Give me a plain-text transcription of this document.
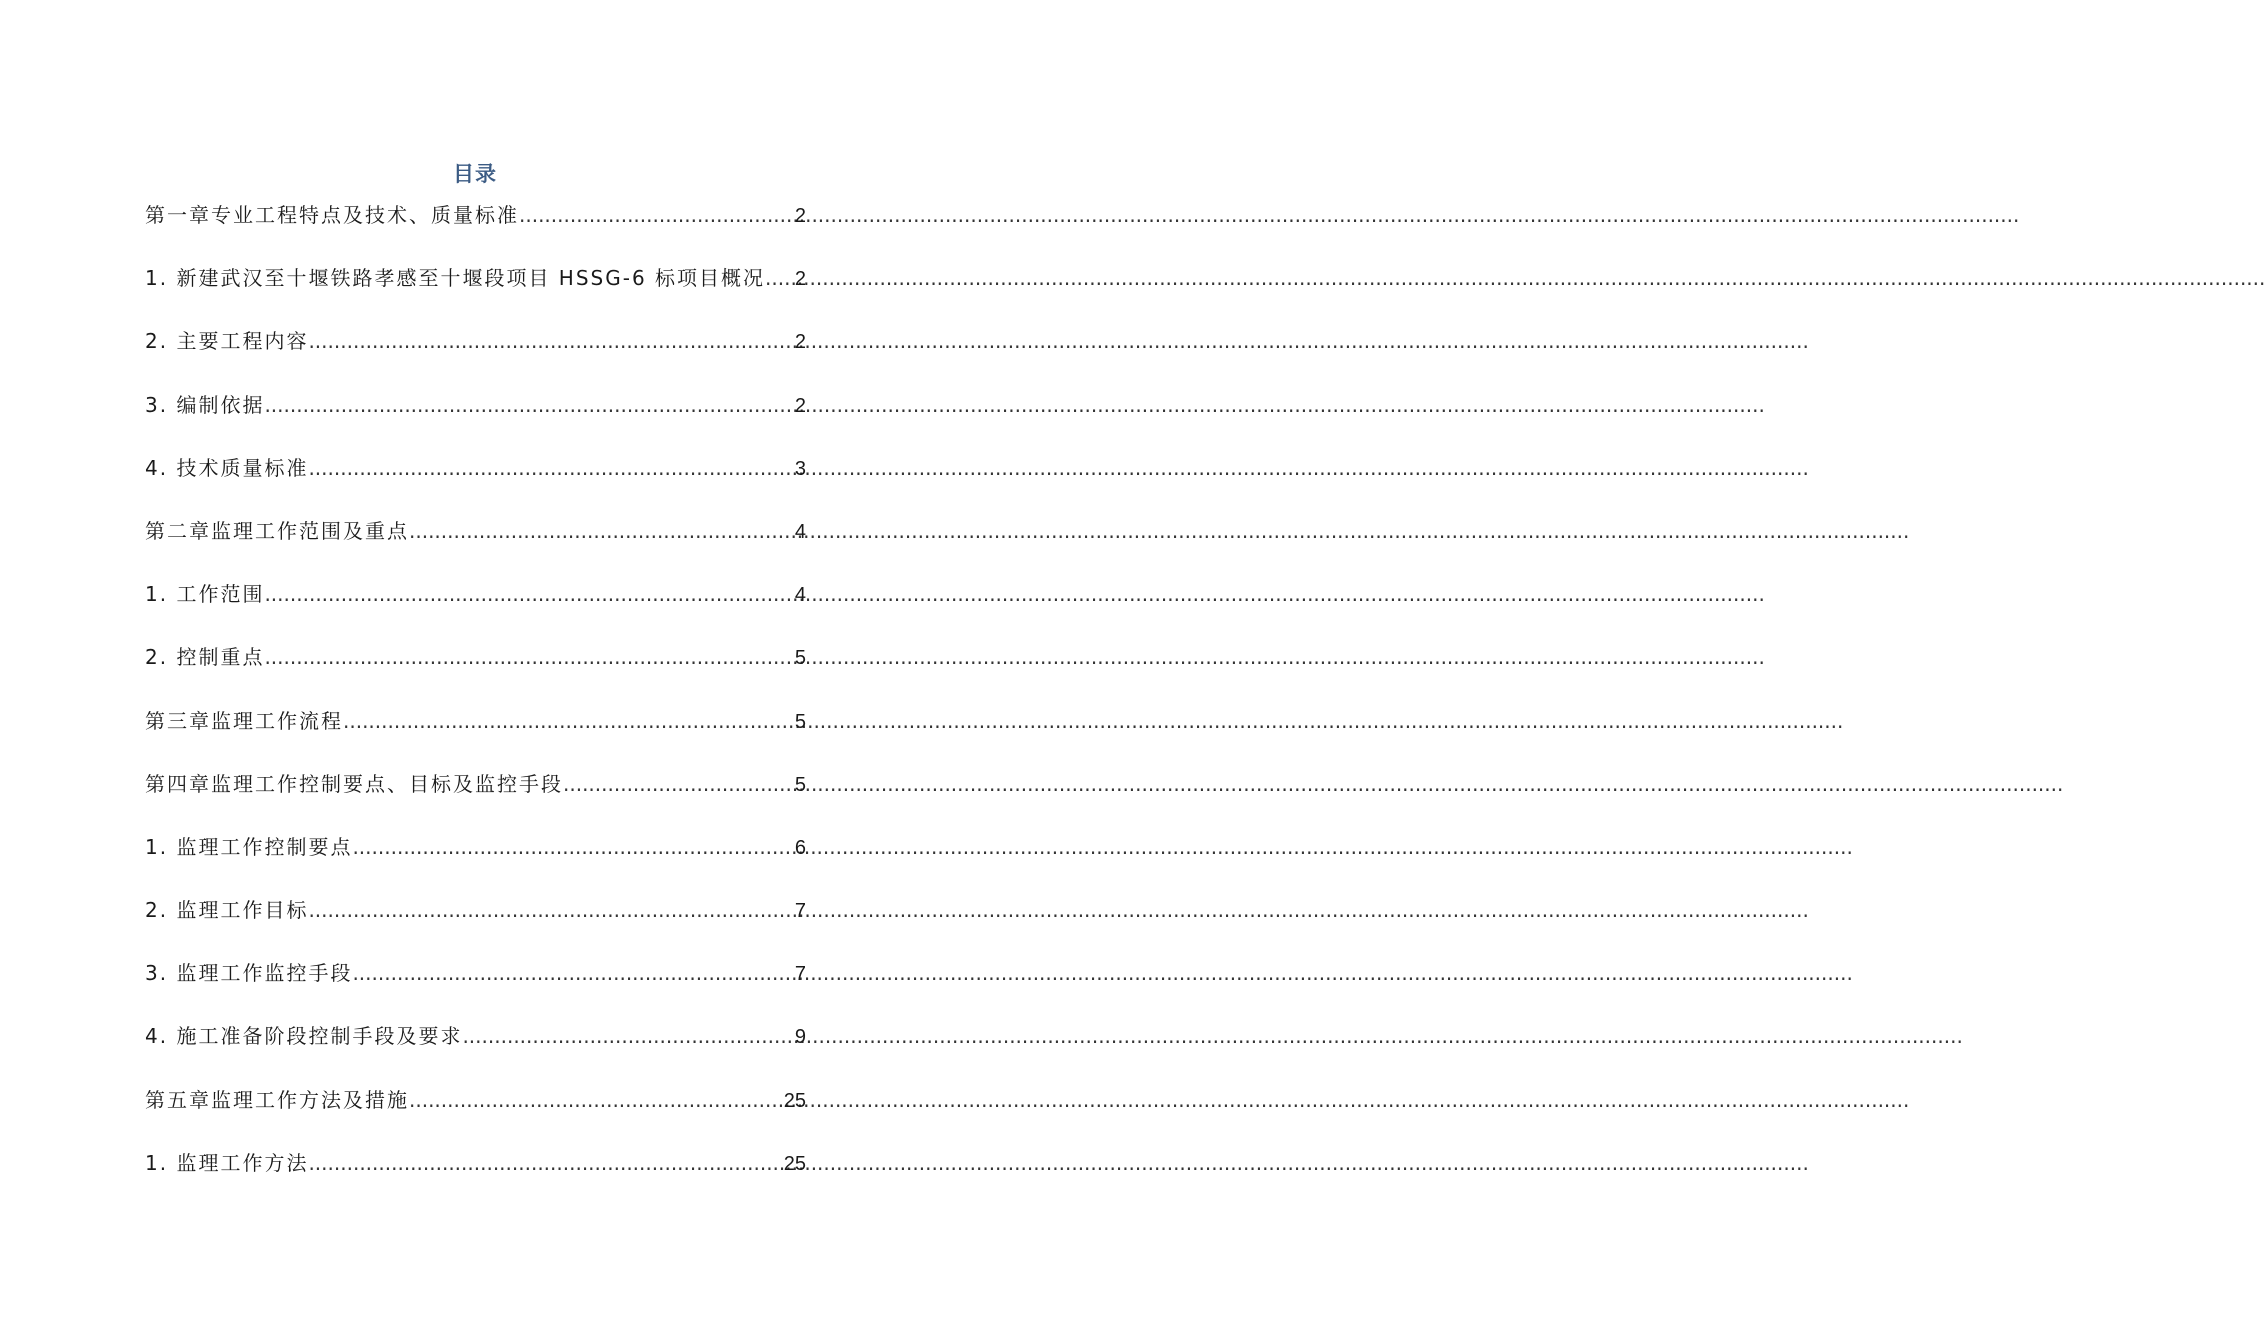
目录
第一章专业工程特点及技术、质量标准 .....	2
1. 新建武汉至十堰铁路孝感至十堰段项目 HSSG-6 标项目概况 ..... 2
2. 主要工程内容 .....	2
3. 编制依据 .....	2
4. 技术质量标准 .....	3
第二章监理工作范围及重点 .....	4
1. 工作范围 .....	4
2. 控制重点 .....	5
第三章监理工作流程 .....	5
第四章监理工作控制要点、目标及监控手段 .....	5
1. 监理工作控制要点 .....	6
2. 监理工作目标 .....	7
3. 监理工作监控手段 .....	7
4. 施工准备阶段控制手段及要求 .....	9
第五章监理工作方法及措施 .....	25
1. 监理工作方法 .....	25
